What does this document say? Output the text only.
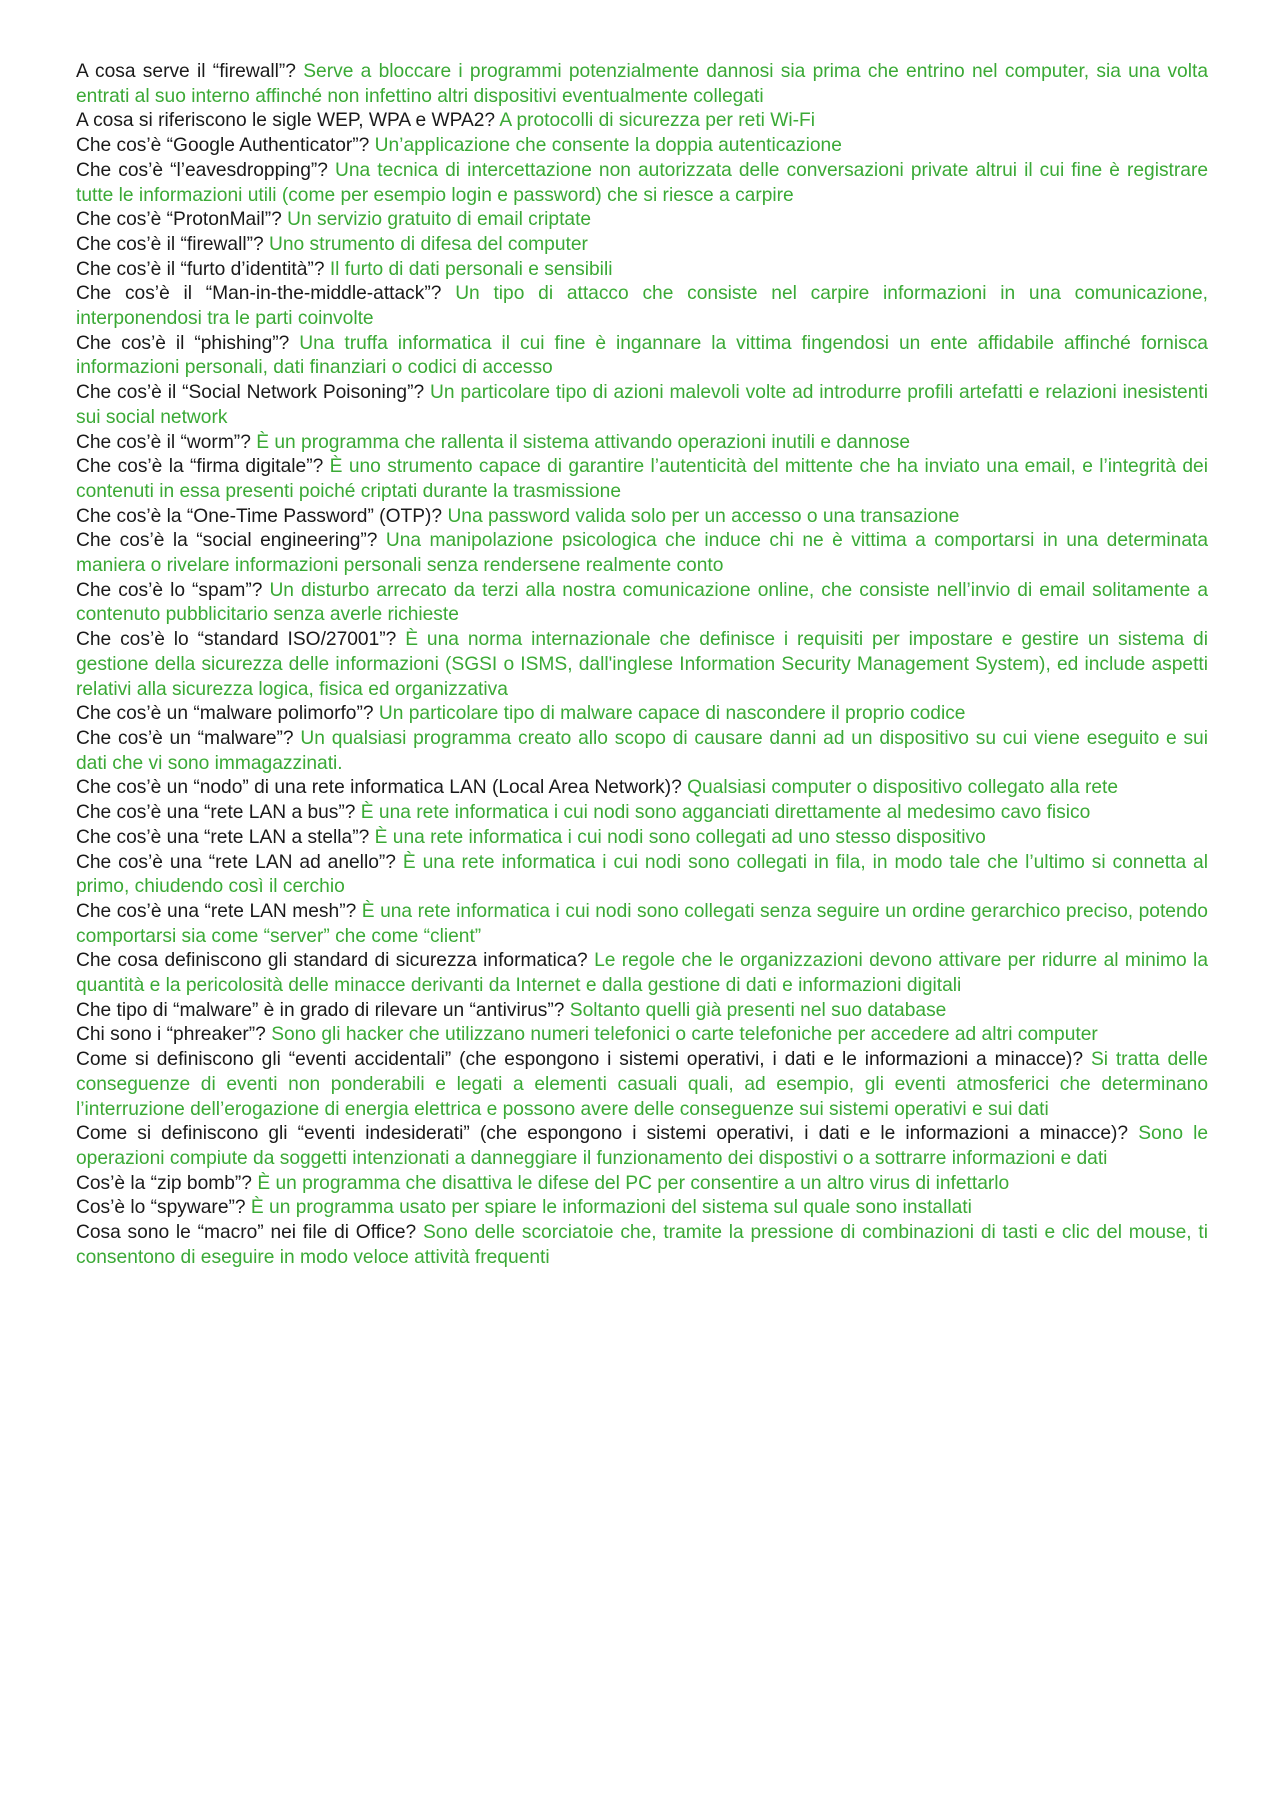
A cosa serve il “firewall”? Serve a bloccare i programmi potenzialmente dannosi sia prima che entrino nel computer, sia una volta entrati al suo interno affinché non infettino altri dispositivi eventualmente collegati

A cosa si riferiscono le sigle WEP, WPA e WPA2? A protocolli di sicurezza per reti Wi-Fi

Che cos’è “Google Authenticator”? Un’applicazione che consente la doppia autenticazione

Che cos’è “l’eavesdropping”? Una tecnica di intercettazione non autorizzata delle conversazioni private altrui il cui fine è registrare tutte le informazioni utili (come per esempio login e password) che si riesce a carpire

Che cos’è “ProtonMail”? Un servizio gratuito di email criptate

Che cos’è il “firewall”? Uno strumento di difesa del computer

Che cos’è il “furto d’identità”? Il furto di dati personali e sensibili

Che cos’è il “Man-in-the-middle-attack”? Un tipo di attacco che consiste nel carpire informazioni in una comunicazione, interponendosi tra le parti coinvolte

Che cos’è il “phishing”? Una truffa informatica il cui fine è ingannare la vittima fingendosi un ente affidabile affinché fornisca informazioni personali, dati finanziari o codici di accesso

Che cos’è il “Social Network Poisoning”? Un particolare tipo di azioni malevoli volte ad introdurre profili artefatti e relazioni inesistenti sui social network

Che cos’è il “worm”? È un programma che rallenta il sistema attivando operazioni inutili e dannose

Che cos’è la “firma digitale”? È uno strumento capace di garantire l’autenticità del mittente che ha inviato una email, e l’integrità dei contenuti in essa presenti poiché criptati durante la trasmissione

Che cos’è la “One-Time Password” (OTP)? Una password valida solo per un accesso o una transazione

Che cos’è la “social engineering”? Una manipolazione psicologica che induce chi ne è vittima a comportarsi in una determinata maniera o rivelare informazioni personali senza rendersene realmente conto

Che cos’è lo “spam”? Un disturbo arrecato da terzi alla nostra comunicazione online, che consiste nell’invio di email solitamente a contenuto pubblicitario senza averle richieste

Che cos’è lo “standard ISO/27001”? È una norma internazionale che definisce i requisiti per impostare e gestire un sistema di gestione della sicurezza delle informazioni (SGSI o ISMS, dall'inglese Information Security Management System), ed include aspetti relativi alla sicurezza logica, fisica ed organizzativa

Che cos’è un “malware polimorfo”? Un particolare tipo di malware capace di nascondere il proprio codice

Che cos’è un “malware”? Un qualsiasi programma creato allo scopo di causare danni ad un dispositivo su cui viene eseguito e sui dati che vi sono immagazzinati.

Che cos’è un “nodo” di una rete informatica LAN (Local Area Network)? Qualsiasi computer o dispositivo collegato alla rete

Che cos’è una “rete LAN a bus”? È una rete informatica i cui nodi sono agganciati direttamente al medesimo cavo fisico

Che cos’è una “rete LAN a stella”? È una rete informatica i cui nodi sono collegati ad uno stesso dispositivo

Che cos’è una “rete LAN ad anello”? È una rete informatica i cui nodi sono collegati in fila, in modo tale che l’ultimo si connetta al primo, chiudendo così il cerchio

Che cos’è una “rete LAN mesh”? È una rete informatica i cui nodi sono collegati senza seguire un ordine gerarchico preciso, potendo comportarsi sia come “server” che come “client”

Che cosa definiscono gli standard di sicurezza informatica? Le regole che le organizzazioni devono attivare per ridurre al minimo la quantità e la pericolosità delle minacce derivanti da Internet e dalla gestione di dati e informazioni digitali

Che tipo di “malware” è in grado di rilevare un “antivirus”? Soltanto quelli già presenti nel suo database

Chi sono i “phreaker”? Sono gli hacker che utilizzano numeri telefonici o carte telefoniche per accedere ad altri computer

Come si definiscono gli “eventi accidentali” (che espongono i sistemi operativi, i dati e le informazioni a minacce)? Si tratta delle conseguenze di eventi non ponderabili e legati a elementi casuali quali, ad esempio, gli eventi atmosferici che determinano l’interruzione dell’erogazione di energia elettrica e possono avere delle conseguenze sui sistemi operativi e sui dati

Come si definiscono gli “eventi indesiderati” (che espongono i sistemi operativi, i dati e le informazioni a minacce)? Sono le operazioni compiute da soggetti intenzionati a danneggiare il funzionamento dei dispostivi o a sottrarre informazioni e dati

Cos’è la “zip bomb”? È un programma che disattiva le difese del PC per consentire a un altro virus di infettarlo

Cos’è lo “spyware”? È un programma usato per spiare le informazioni del sistema sul quale sono installati

Cosa sono le “macro” nei file di Office? Sono delle scorciatoie che, tramite la pressione di combinazioni di tasti e clic del mouse, ti consentono di eseguire in modo veloce attività frequenti
